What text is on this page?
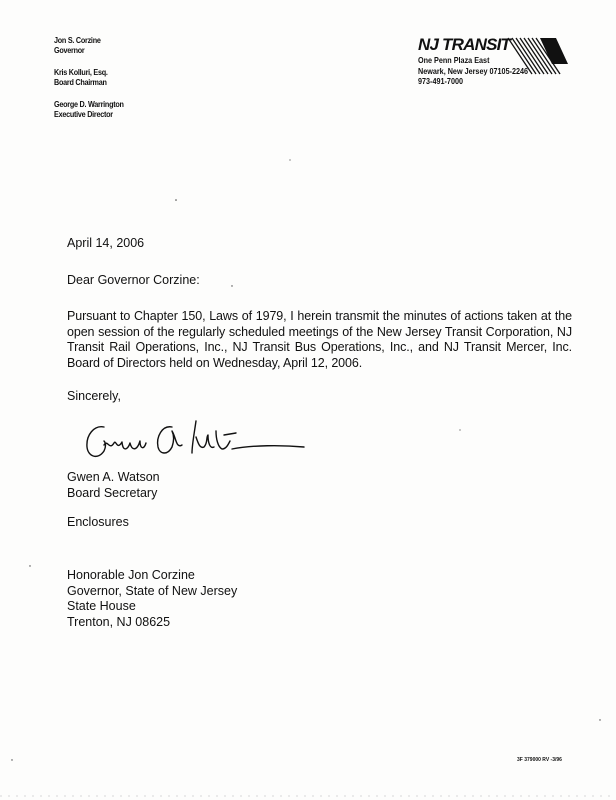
Jon S. Corzine
Governor
Kris Kolluri, Esq.
Board Chairman
George D. Warrington
Executive Director
NJ TRANSIT
One Penn Plaza East
Newark, New Jersey 07105-2246
973-491-7000
April 14, 2006
Dear Governor Corzine:
Pursuant to Chapter 150, Laws of 1979, I herein transmit the minutes of actions taken at the open session of the regularly scheduled meetings of the New Jersey Transit Corporation, NJ Transit Rail Operations, Inc., NJ Transit Bus Operations, Inc., and NJ Transit Mercer, Inc. Board of Directors held on Wednesday, April 12, 2006.
Sincerely,
Gwen A. Watson
Board Secretary
Enclosures
Honorable Jon Corzine
Governor, State of New Jersey
State House
Trenton, NJ 08625
3F 379000 RV -3/96
